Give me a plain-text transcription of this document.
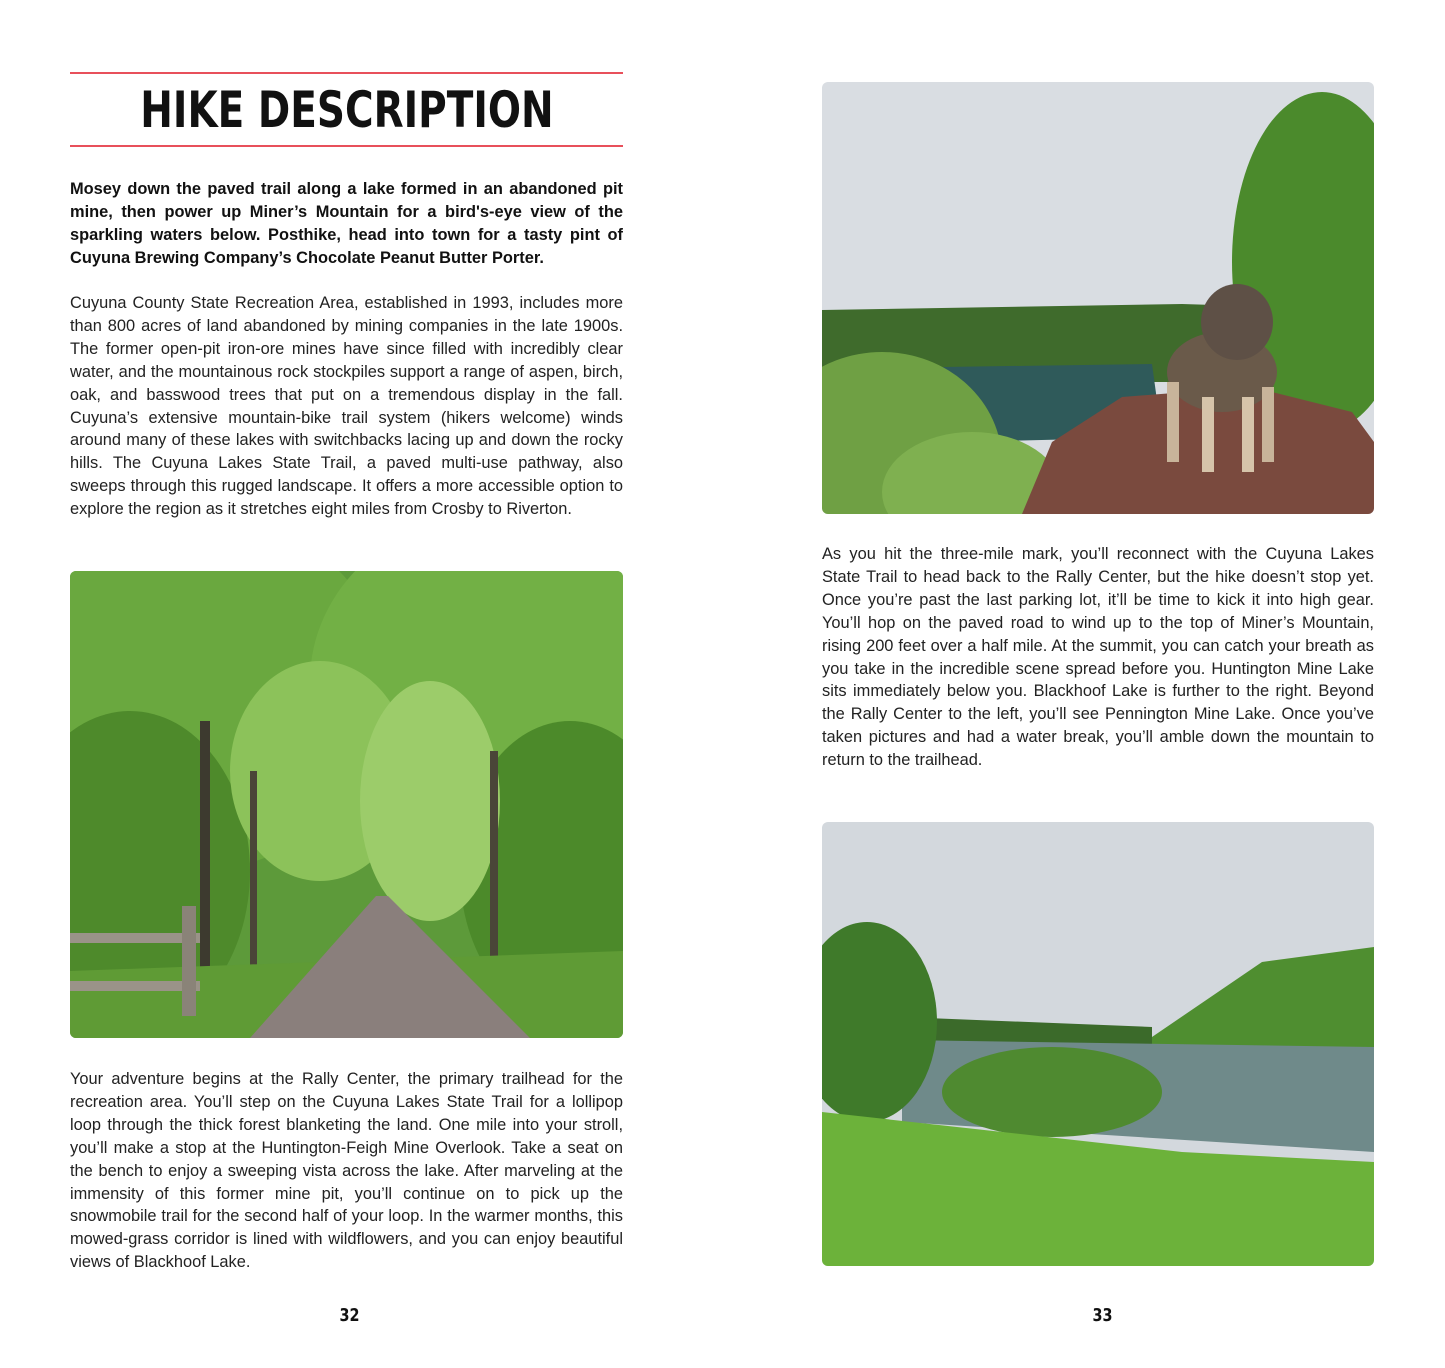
HIKE DESCRIPTION

Mosey down the paved trail along a lake formed in an abandoned pit mine, then power up Miner’s Mountain for a bird's-eye view of the sparkling waters below. Posthike, head into town for a tasty pint of Cuyuna Brewing Company’s Chocolate Peanut Butter Porter.

Cuyuna County State Recreation Area, established in 1993, includes more than 800 acres of land abandoned by mining companies in the late 1900s. The former open-pit iron-ore mines have since filled with incredibly clear water, and the mountainous rock stockpiles support a range of aspen, birch, oak, and basswood trees that put on a tremendous display in the fall. Cuyuna’s extensive mountain-bike trail system (hikers welcome) winds around many of these lakes with switchbacks lacing up and down the rocky hills. The Cuyuna Lakes State Trail, a paved multi-use pathway, also sweeps through this rugged landscape. It offers a more accessible option to explore the region as it stretches eight miles from Crosby to Riverton.

Your adventure begins at the Rally Center, the primary trailhead for the recreation area. You’ll step on the Cuyuna Lakes State Trail for a lollipop loop through the thick forest blanketing the land. One mile into your stroll, you’ll make a stop at the Huntington-Feigh Mine Overlook. Take a seat on the bench to enjoy a sweeping vista across the lake. After marveling at the immensity of this former mine pit, you’ll continue on to pick up the snowmobile trail for the second half of your loop. In the warmer months, this mowed-grass corridor is lined with wildflowers, and you can enjoy beautiful views of Blackhoof Lake.

32

As you hit the three-mile mark, you’ll reconnect with the Cuyuna Lakes State Trail to head back to the Rally Center, but the hike doesn’t stop yet. Once you’re past the last parking lot, it’ll be time to kick it into high gear. You’ll hop on the paved road to wind up to the top of Miner’s Mountain, rising 200 feet over a half mile. At the summit, you can catch your breath as you take in the incredible scene spread before you. Huntington Mine Lake sits immediately below you. Blackhoof Lake is further to the right. Beyond the Rally Center to the left, you’ll see Pennington Mine Lake. Once you’ve taken pictures and had a water break, you’ll amble down the mountain to return to the trailhead.

33
